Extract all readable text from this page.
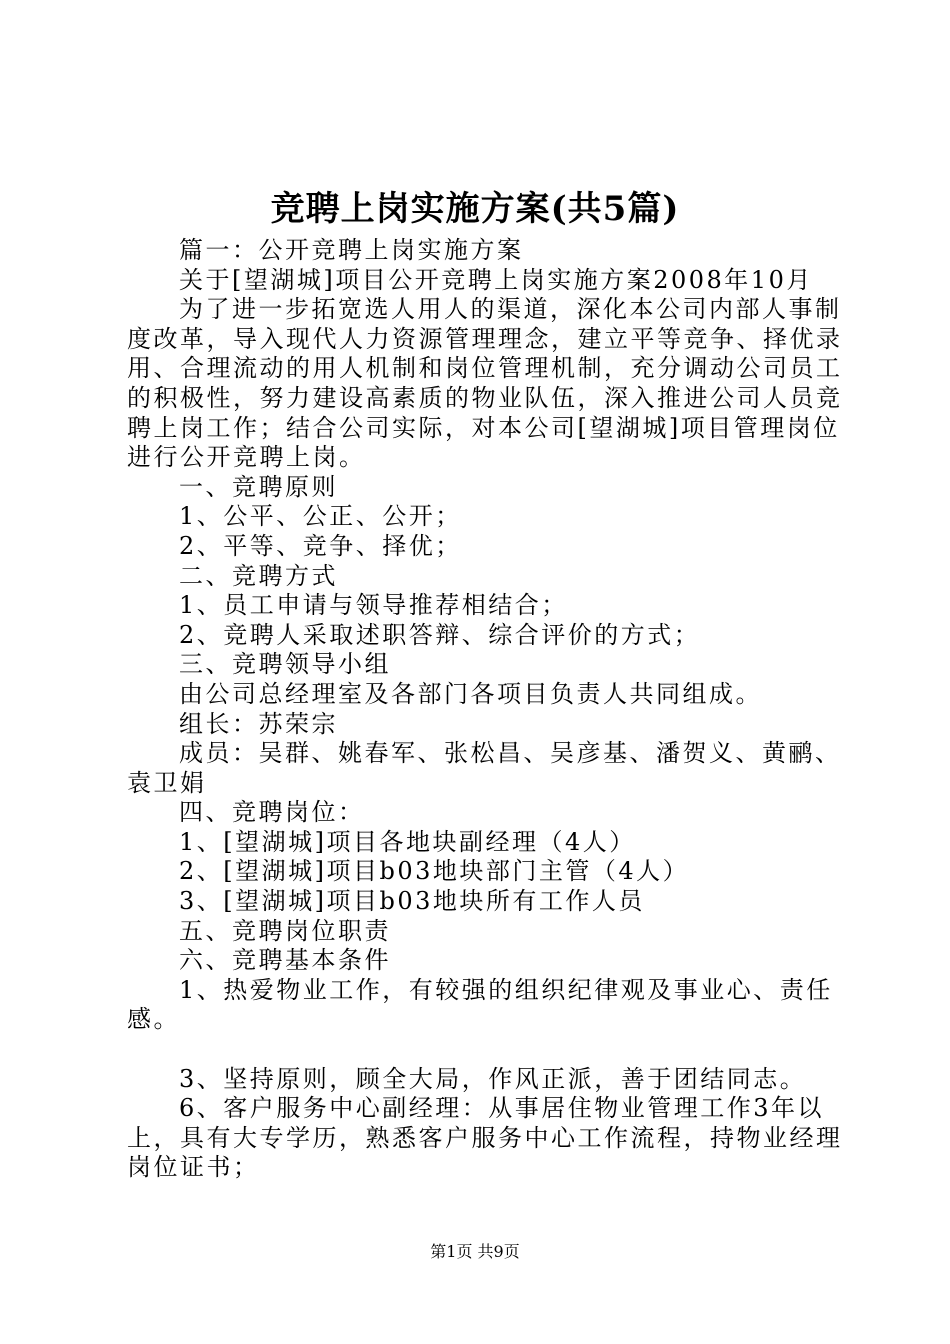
竞聘上岗实施方案(共5篇)

篇一：公开竞聘上岗实施方案

关于[望湖城]项目公开竞聘上岗实施方案2008年10月

为了进一步拓宽选人用人的渠道，深化本公司内部人事制度改革，导入现代人力资源管理理念，建立平等竞争、择优录用、合理流动的用人机制和岗位管理机制，充分调动公司员工的积极性，努力建设高素质的物业队伍，深入推进公司人员竞聘上岗工作；结合公司实际，对本公司[望湖城]项目管理岗位进行公开竞聘上岗。

一、竞聘原则

1、公平、公正、公开；

2、平等、竞争、择优；

二、竞聘方式

1、员工申请与领导推荐相结合；

2、竞聘人采取述职答辩、综合评价的方式；

三、竞聘领导小组

由公司总经理室及各部门各项目负责人共同组成。

组长：苏荣宗

成员：吴群、姚春军、张松昌、吴彦基、潘贺义、黄鹂、袁卫娟

四、竞聘岗位：

1、[望湖城]项目各地块副经理（4人）

2、[望湖城]项目b03地块部门主管（4人）

3、[望湖城]项目b03地块所有工作人员

五、竞聘岗位职责

六、竞聘基本条件

1、热爱物业工作，有较强的组织纪律观及事业心、责任感。

3、坚持原则，顾全大局，作风正派，善于团结同志。

6、客户服务中心副经理：从事居住物业管理工作3年以上，具有大专学历，熟悉客户服务中心工作流程，持物业经理岗位证书；

第1页 共9页
